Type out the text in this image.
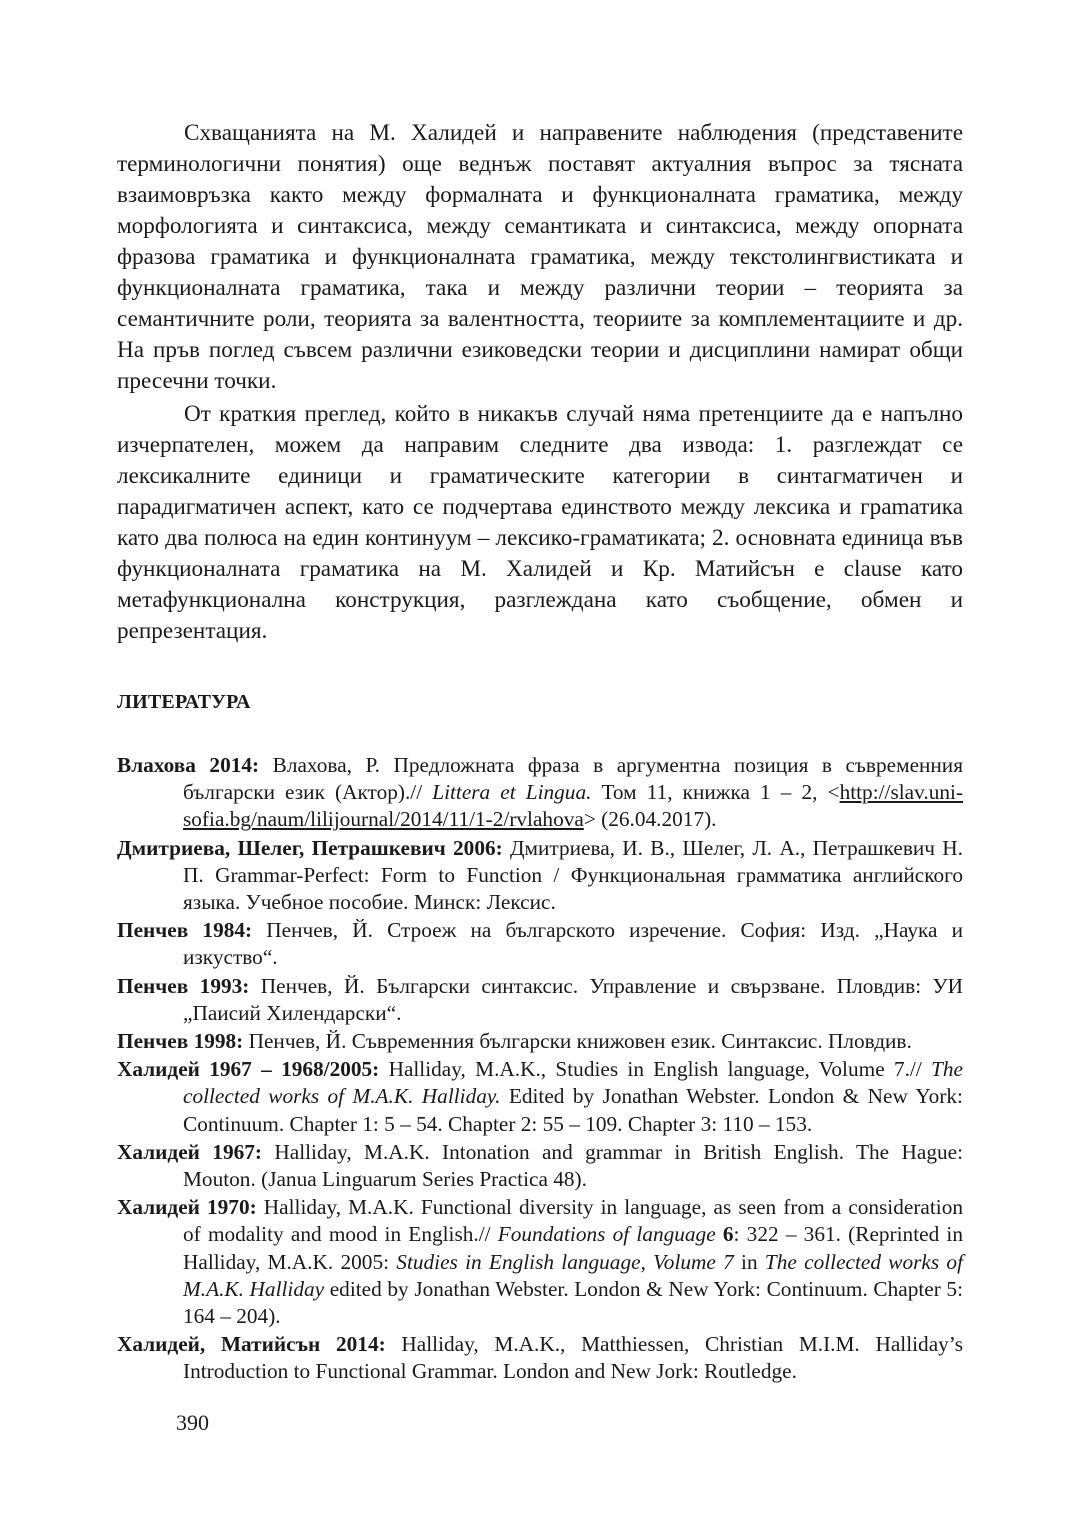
Схващанията на М. Халидей и направените наблюдения (представените терминологични понятия) още веднъж поставят актуалния въпрос за тясната взаимовръзка както между формалната и функционалната граматика, между морфологията и синтаксиса, между семантиката и синтаксиса, между опорната фразова граматика и функционалната граматика, между текстолингвистиката и функционалната граматика, така и между различни теории – теорията за семантичните роли, теорията за валентността, теориите за комплементациите и др. На пръв поглед съвсем различни езиковедски теории и дисциплини намират общи пресечни точки.

От краткия преглед, който в никакъв случай няма претенциите да е напълно изчерпателен, можем да направим следните два извода: 1. разглеждат се лексикалните единици и граматическите категории в синтагматичен и парадигматичен аспект, като се подчертава единството между лексика и граmатика като два полюса на един континуум – лексико-граматиката; 2. основната единица във функционалната граматика на М. Халидей и Кр. Матийсън е clause като метафункционална конструкция, разглеждана като съобщение, обмен и репрезентация.

ЛИТЕРАТУРА

Влахова 2014: Влахова, Р. Предложната фраза в аргументна позиция в съвременния български език (Актор).// Littera et Lingua. Том 11, книжка 1 – 2, <http://slav.uni-sofia.bg/naum/lilijournal/2014/11/1-2/rvlahova> (26.04.2017).

Дмитриева, Шелег, Петрашкевич 2006: Дмитриева, И. В., Шелег, Л. А., Петрашкевич Н. П. Grammar-Perfect: Form to Function / Функциональная грамматика английского языка. Учебное пособие. Минск: Лексис.

Пенчев 1984: Пенчев, Й. Строеж на българското изречение. София: Изд. „Наука и изкуство“.

Пенчев 1993: Пенчев, Й. Български синтаксис. Управление и свързване. Пловдив: УИ „Паисий Хилендарски“.

Пенчев 1998: Пенчев, Й. Съвременния български книжовен език. Синтаксис. Пловдив.

Халидей 1967 – 1968/2005: Halliday, M.A.K., Studies in English language, Volume 7.// The collected works of M.A.K. Halliday. Edited by Jonathan Webster. London & New York: Continuum. Chapter 1: 5 – 54. Chapter 2: 55 – 109. Chapter 3: 110 – 153.

Халидей 1967: Halliday, M.A.K. Intonation and grammar in British English. The Hague: Mouton. (Janua Linguarum Series Practica 48).

Халидей 1970: Halliday, M.A.K. Functional diversity in language, as seen from a consideration of modality and mood in English.// Foundations of language 6: 322 – 361. (Reprinted in Halliday, M.A.K. 2005: Studies in English language, Volume 7 in The collected works of M.A.K. Halliday edited by Jonathan Webster. London & New York: Continuum. Chapter 5: 164 – 204).

Халидей, Матийсън 2014: Halliday, M.A.K., Matthiessen, Christian M.I.M. Halliday’s Introduction to Functional Grammar. London and New Jork: Routledge.

390
